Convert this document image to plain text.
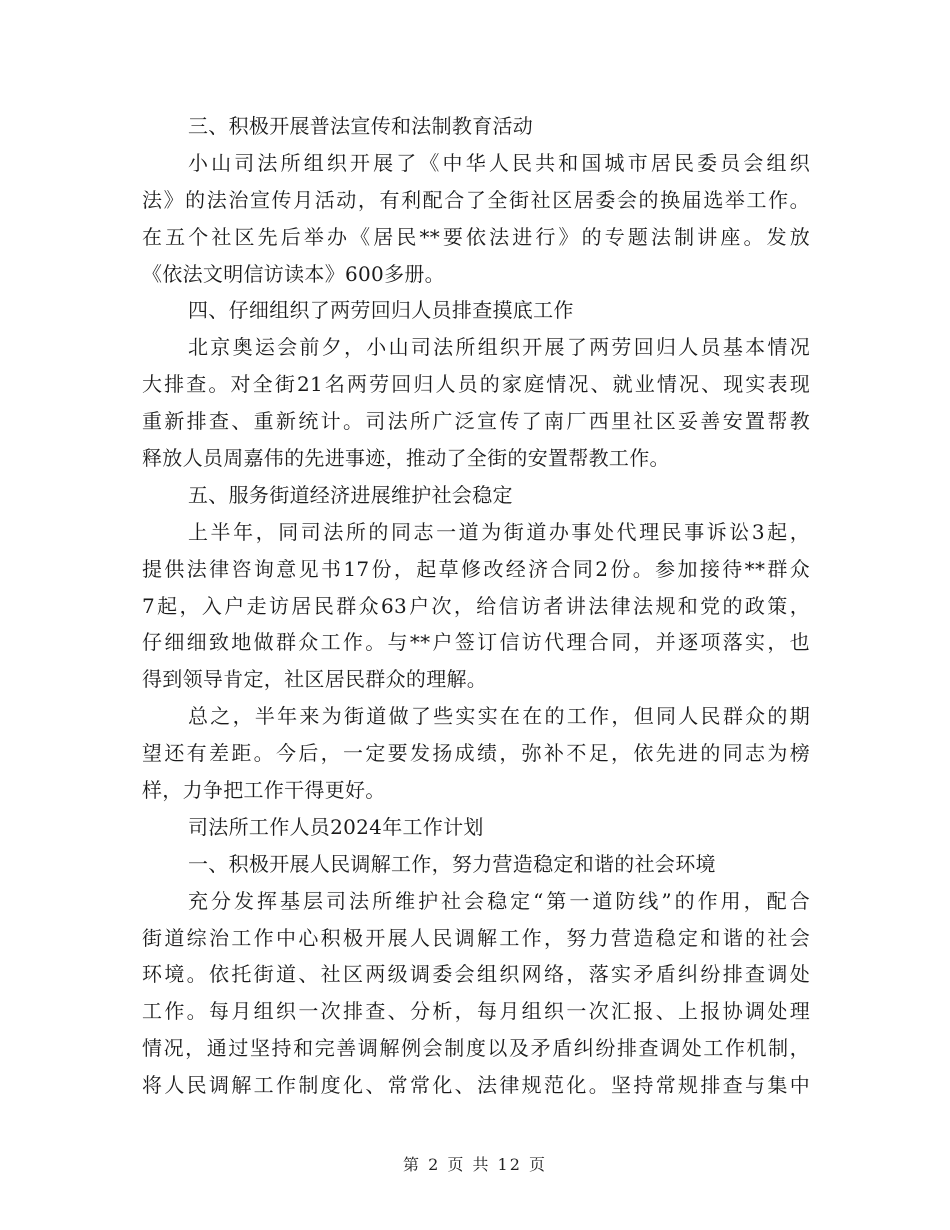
三、积极开展普法宣传和法制教育活动
小山司法所组织开展了《中华人民共和国城市居民委员会组织
法》的法治宣传月活动，有利配合了全街社区居委会的换届选举工作。
在五个社区先后举办《居民**要依法进行》的专题法制讲座。发放
《依法文明信访读本》600多册。
四、仔细组织了两劳回归人员排查摸底工作
北京奥运会前夕，小山司法所组织开展了两劳回归人员基本情况
大排查。对全街21名两劳回归人员的家庭情况、就业情况、现实表现
重新排查、重新统计。司法所广泛宣传了南厂西里社区妥善安置帮教
释放人员周嘉伟的先进事迹，推动了全街的安置帮教工作。
五、服务街道经济进展维护社会稳定
上半年，同司法所的同志一道为街道办事处代理民事诉讼3起，
提供法律咨询意见书17份，起草修改经济合同2份。参加接待**群众
7起，入户走访居民群众63户次，给信访者讲法律法规和党的政策，
仔细细致地做群众工作。与**户签订信访代理合同，并逐项落实，也
得到领导肯定，社区居民群众的理解。
总之，半年来为街道做了些实实在在的工作，但同人民群众的期
望还有差距。今后，一定要发扬成绩，弥补不足，依先进的同志为榜
样，力争把工作干得更好。
司法所工作人员2024年工作计划
一、积极开展人民调解工作，努力营造稳定和谐的社会环境
充分发挥基层司法所维护社会稳定“第一道防线”的作用，配合
街道综治工作中心积极开展人民调解工作，努力营造稳定和谐的社会
环境。依托街道、社区两级调委会组织网络，落实矛盾纠纷排查调处
工作。每月组织一次排查、分析，每月组织一次汇报、上报协调处理
情况，通过坚持和完善调解例会制度以及矛盾纠纷排查调处工作机制，
将人民调解工作制度化、常常化、法律规范化。坚持常规排查与集中
第 2 页 共 12 页
